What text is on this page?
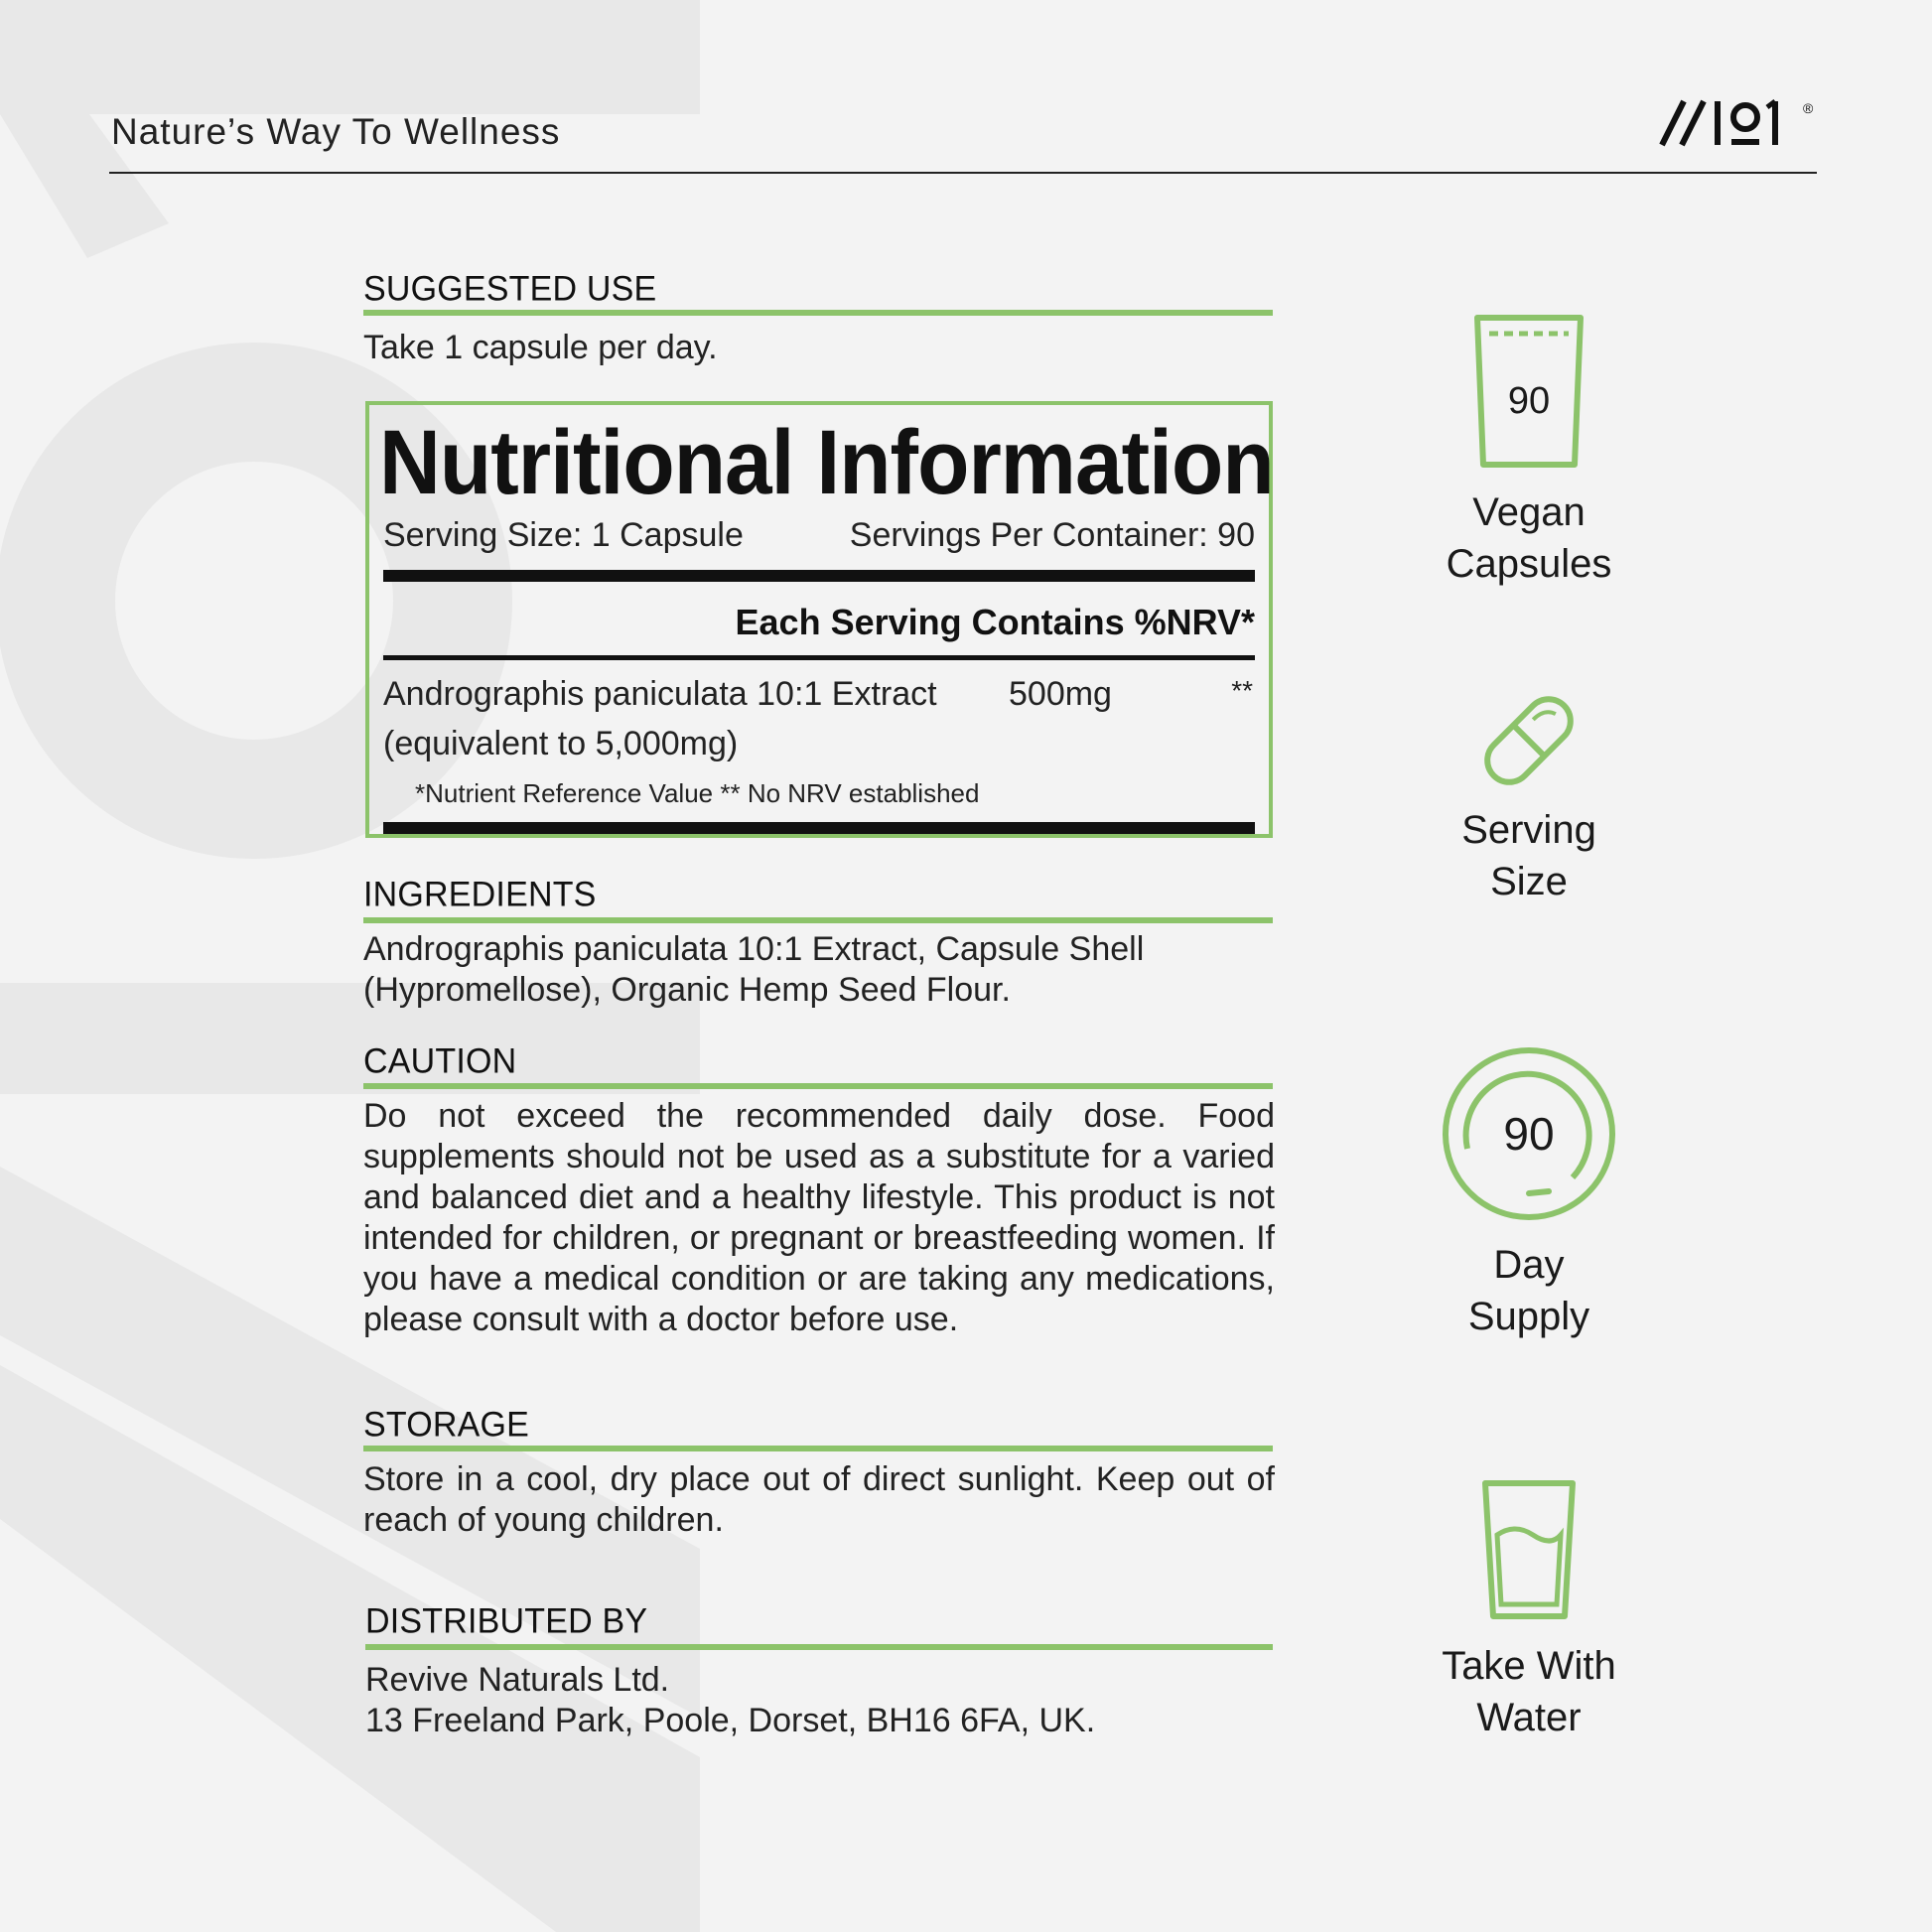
Nature’s Way To Wellness
®
SUGGESTED USE
Take 1 capsule per day.
Nutritional Information
Serving Size: 1 Capsule	Servings Per Container: 90
Each Serving Contains %NRV*
Andrographis paniculata 10:1 Extract 500mg	**
(equivalent to 5,000mg)
*Nutrient Reference Value ** No NRV established
INGREDIENTS
Andrographis paniculata 10:1 Extract, Capsule Shell
(Hypromellose), Organic Hemp Seed Flour.
CAUTION
Do not exceed the recommended daily dose. Food supplements should not be used as a substitute for a varied and balanced diet and a healthy lifestyle. This product is not intended for children, or pregnant or breastfeeding women. If you have a medical condition or are taking any medications, please consult with a doctor before use.
STORAGE
Store in a cool, dry place out of direct sunlight. Keep out of reach of young children.
DISTRIBUTED BY
Revive Naturals Ltd.
13 Freeland Park, Poole, Dorset, BH16 6FA, UK.
90
Vegan
Capsules
Serving
Size
90
Day
Supply
Take With
Water
